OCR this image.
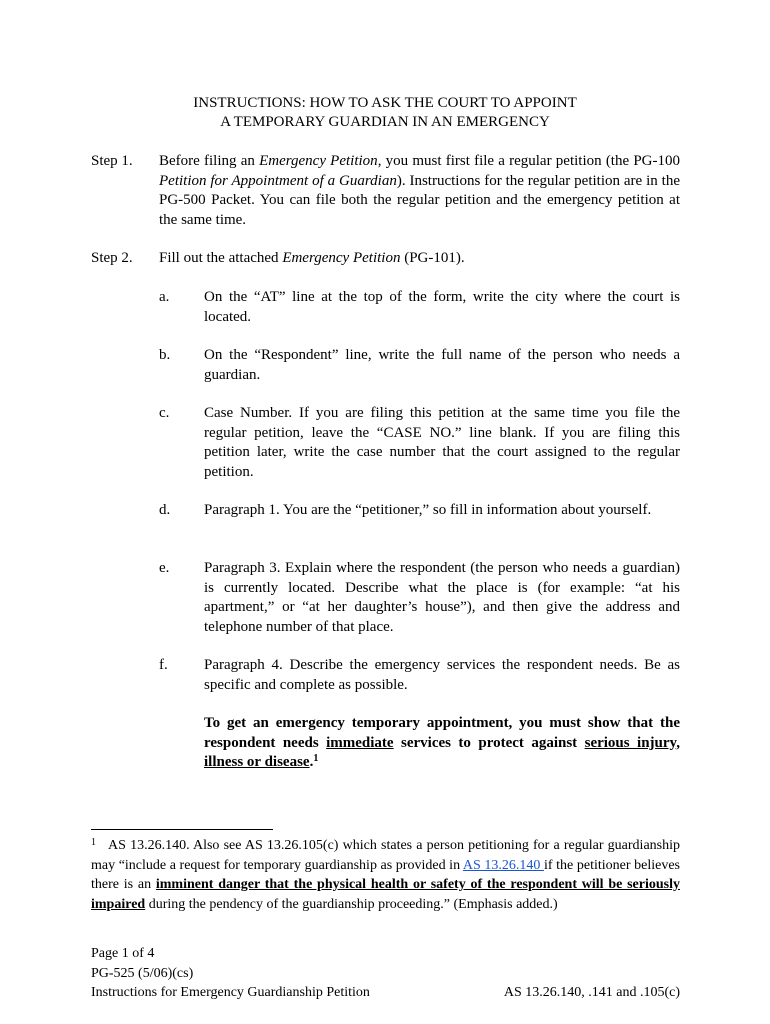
INSTRUCTIONS: HOW TO ASK THE COURT TO APPOINT
A TEMPORARY GUARDIAN IN AN EMERGENCY
Step 1. Before filing an Emergency Petition, you must first file a regular petition (the PG-100 Petition for Appointment of a Guardian). Instructions for the regular petition are in the PG-500 Packet. You can file both the regular petition and the emergency petition at the same time.
Step 2. Fill out the attached Emergency Petition (PG-101).
a. On the “AT” line at the top of the form, write the city where the court is located.
b. On the “Respondent” line, write the full name of the person who needs a guardian.
c. Case Number. If you are filing this petition at the same time you file the regular petition, leave the “CASE NO.” line blank. If you are filing this petition later, write the case number that the court assigned to the regular petition.
d. Paragraph 1. You are the “petitioner,” so fill in information about yourself.
e. Paragraph 3. Explain where the respondent (the person who needs a guardian) is currently located. Describe what the place is (for example: “at his apartment,” or “at her daughter’s house”), and then give the address and telephone number of that place.
f. Paragraph 4. Describe the emergency services the respondent needs. Be as specific and complete as possible.
To get an emergency temporary appointment, you must show that the respondent needs immediate services to protect against serious injury, illness or disease.$^1$
$^1$ AS 13.26.140. Also see AS 13.26.105(c) which states a person petitioning for a regular guardianship may “include a request for temporary guardianship as provided in AS 13.26.140 if the petitioner believes there is an imminent danger that the physical health or safety of the respondent will be seriously impaired during the pendency of the guardianship proceeding.” (Emphasis added.)
Page 1 of 4
PG-525 (5/06)(cs)
Instructions for Emergency Guardianship Petition	AS 13.26.140, .141 and .105(c)
